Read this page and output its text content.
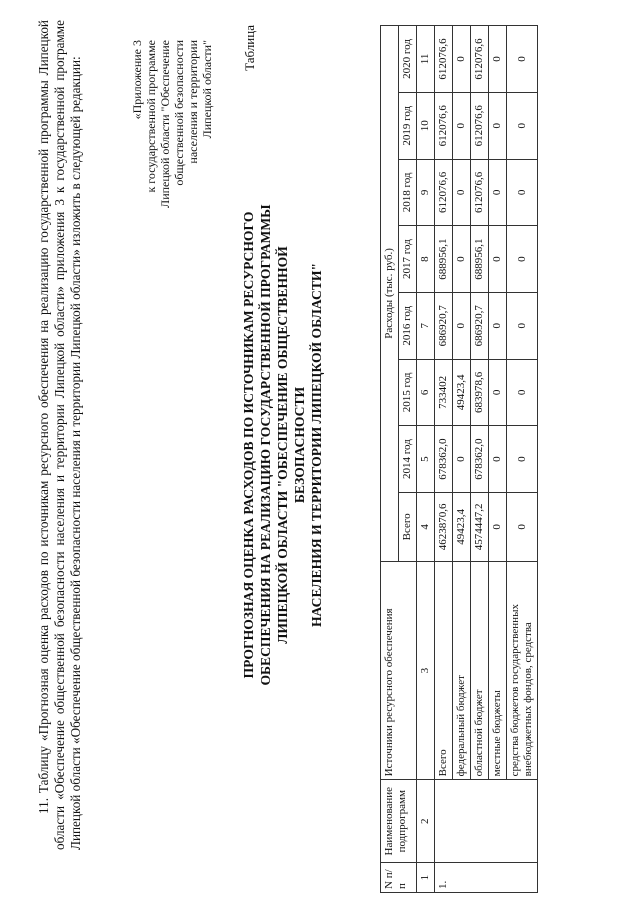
11. Таблицу «Прогнозная оценка расходов по источникам ресурсного обеспечения на реализацию государственной программы Липецкой области «Обеспечение общественной безопасности населения и территории Липецкой области» приложения 3 к государственной программе Липецкой области «Обеспечение общественной безопасности населения и территории Липецкой области» изложить в следующей редакции:	«Приложение 3
к государственной программе
Липецкой области "Обеспечение
общественной безопасности
населения и территории
Липецкой области" Таблица

ПРОГНОЗНАЯ ОЦЕНКА РАСХОДОВ ПО ИСТОЧНИКАМ РЕСУРСНОГО ОБЕСПЕЧЕНИЯ НА РЕАЛИЗАЦИЮ ГОСУДАРСТВЕННОЙ ПРОГРАММЫ ЛИПЕЦКОЙ ОБЛАСТИ "ОБЕСПЕЧЕНИЕ ОБЩЕСТВЕННОЙ БЕЗОПАСНОСТИ НАСЕЛЕНИЯ И ТЕРРИТОРИИ ЛИПЕЦКОЙ ОБЛАСТИ"

N п/п	Наименование подпрограмм	Источники ресурсного обеспечения	Расходы (тыс. руб.)							
			Всего	2014 год	2015 год	2016 год	2017 год	2018 год	2019 год	2020 год
1	2	3	4	5	6	7	8	9	10	11
1.		Всего	4623870,6	678362,0	733402	686920,7	688956,1	612076,6	612076,6	612076,6
		федеральный бюджет	49423,4	0	49423,4	0	0	0	0	0
		областной бюджет	4574447,2	678362,0	683978,6	686920,7	688956,1	612076,6	612076,6	612076,6
		местные бюджеты	0	0	0	0	0	0	0	0
		средства бюджетов государственных внебюджетных фондов, средства	0	0	0	0	0	0	0	0
